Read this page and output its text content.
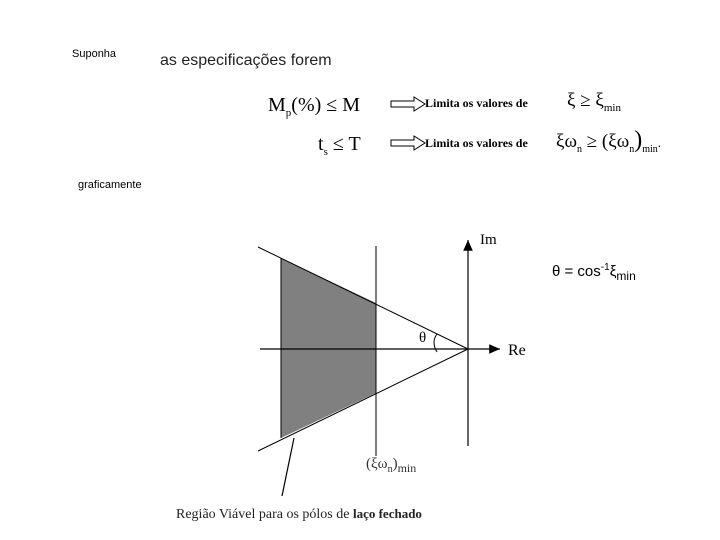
Suponha	as especificações forem
$M_p(\%) \le M$	Limita os valores de $\xi \ge \xi_{min}$
$t_s \le T$	Limita os valores de $\xi\omega_n \ge (\xi\omega_n)_{min}$.
graficamente
Im
Re
θ
$\theta = \cos^{-1}\xi_{min}$
$(\xi\omega_n)_{min}$
Região Viável para os pólos de laço fechado
